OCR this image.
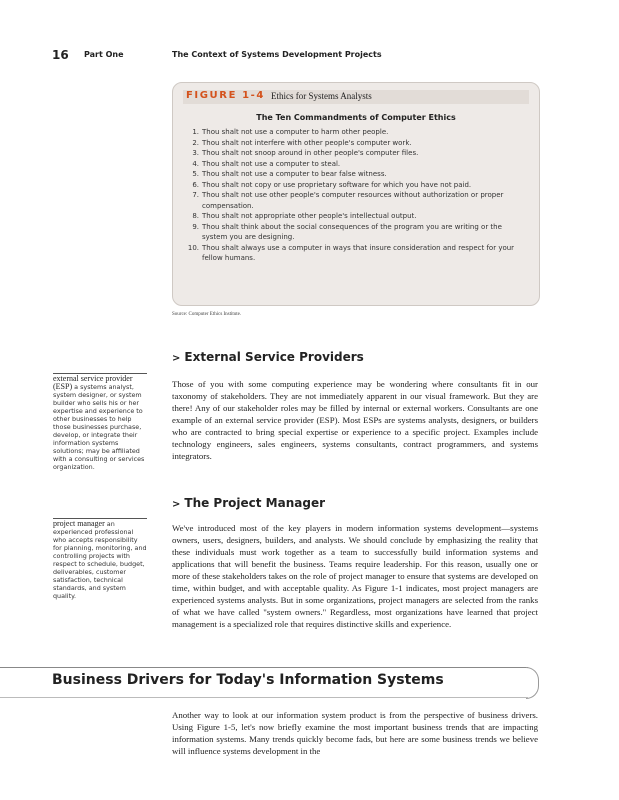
16 Part One	The Context of Systems Development Projects
FIGURE 1-4 Ethics for Systems Analysts
The Ten Commandments of Computer Ethics
1. Thou shalt not use a computer to harm other people.
2. Thou shalt not interfere with other people's computer work.
3. Thou shalt not snoop around in other people's computer files.
4. Thou shalt not use a computer to steal.
5. Thou shalt not use a computer to bear false witness.
6. Thou shalt not copy or use proprietary software for which you have not paid.
7. Thou shalt not use other people's computer resources without authorization or proper compensation.
8. Thou shalt not appropriate other people's intellectual output.
9. Thou shalt think about the social consequences of the program you are writing or the system you are designing.
10. Thou shalt always use a computer in ways that insure consideration and respect for your fellow humans.
Source: Computer Ethics Institute.
> External Service Providers
external service provider (ESP) a systems analyst, system designer, or system builder who sells his or her expertise and experience to other businesses to help those businesses purchase, develop, or integrate their information systems solutions; may be affiliated with a consulting or services organization.

Those of you with some computing experience may be wondering where consultants fit in our taxonomy of stakeholders. They are not immediately apparent in our visual framework. But they are there! Any of our stakeholder roles may be filled by internal or external workers. Consultants are one example of an external service provider (ESP). Most ESPs are systems analysts, designers, or builders who are contracted to bring special expertise or experience to a specific project. Examples include technology engineers, sales engineers, systems consultants, contract programmers, and systems integrators.

> The Project Manager
project manager an experienced professional who accepts responsibility for planning, monitoring, and controlling projects with respect to schedule, budget, deliverables, customer satisfaction, technical standards, and system quality.

We've introduced most of the key players in modern information systems development—systems owners, users, designers, builders, and analysts. We should conclude by emphasizing the reality that these individuals must work together as a team to successfully build information systems and applications that will benefit the business. Teams require leadership. For this reason, usually one or more of these stakeholders takes on the role of project manager to ensure that systems are developed on time, within budget, and with acceptable quality. As Figure 1-1 indicates, most project managers are experienced systems analysts. But in some organizations, project managers are selected from the ranks of what we have called "system owners." Regardless, most organizations have learned that project management is a specialized role that requires distinctive skills and experience.

Business Drivers for Today's Information Systems

Another way to look at our information system product is from the perspective of business drivers. Using Figure 1-5, let's now briefly examine the most important business trends that are impacting information systems. Many trends quickly become fads, but here are some business trends we believe will influence systems development in the
